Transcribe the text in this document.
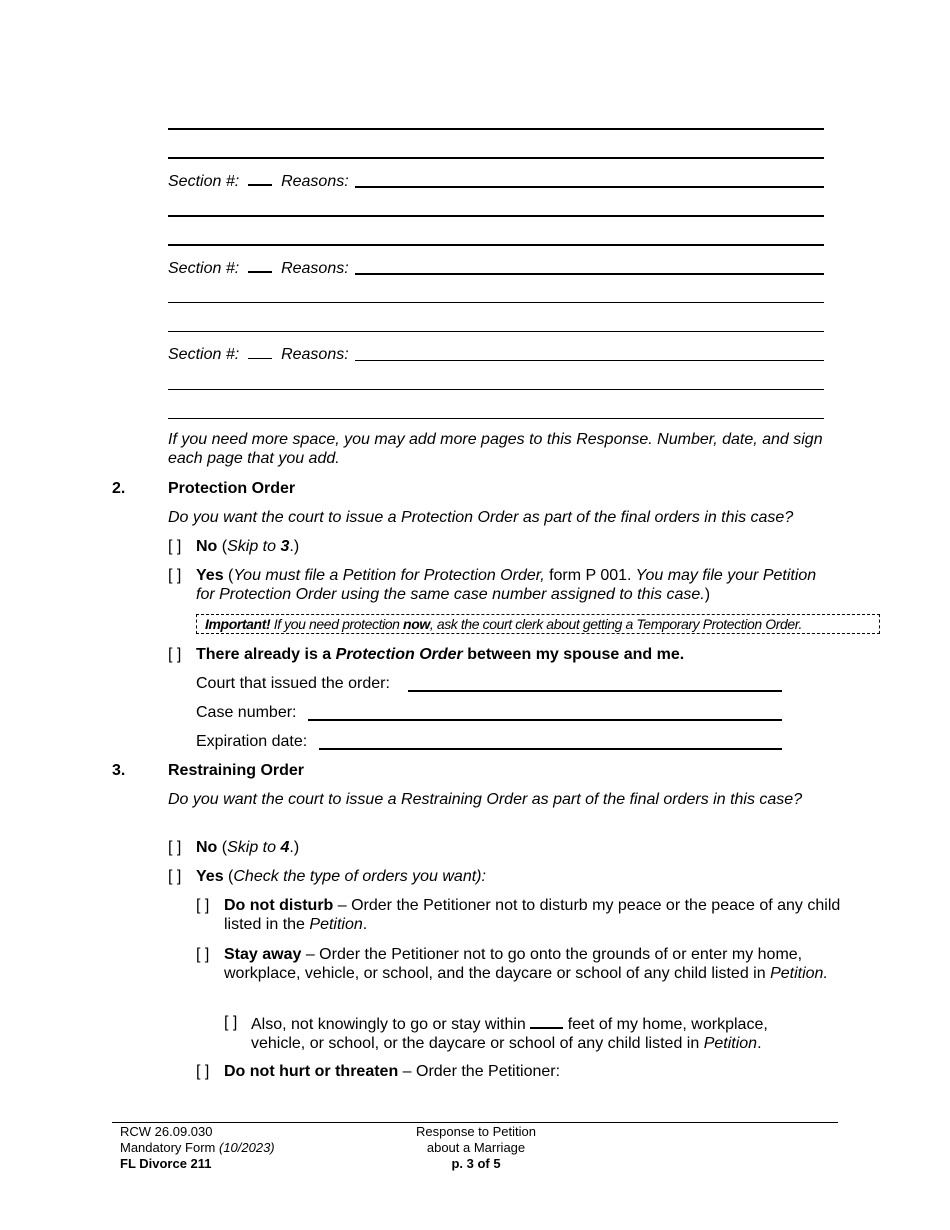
Section #:	Reasons:
Section #:	Reasons:
Section #:	Reasons:
If you need more space, you may add more pages to this Response. Number, date, and sign each page that you add.
2.	Protection Order
Do you want the court to issue a Protection Order as part of the final orders in this case?
[ ] No (Skip to 3.)
[ ] Yes (You must file a Petition for Protection Order, form P 001. You may file your Petition for Protection Order using the same case number assigned to this case.)
Important! If you need protection now, ask the court clerk about getting a Temporary Protection Order.
[ ] There already is a Protection Order between my spouse and me.
Court that issued the order:
Case number:
Expiration date:
3.	Restraining Order
Do you want the court to issue a Restraining Order as part of the final orders in this case?
[ ] No (Skip to 4.)
[ ] Yes (Check the type of orders you want):
[ ] Do not disturb – Order the Petitioner not to disturb my peace or the peace of any child listed in the Petition.
[ ] Stay away – Order the Petitioner not to go onto the grounds of or enter my home, workplace, vehicle, or school, and the daycare or school of any child listed in Petition.
[ ] Also, not knowingly to go or stay within  feet of my home, workplace, vehicle, or school, or the daycare or school of any child listed in Petition.
[ ] Do not hurt or threaten – Order the Petitioner:
RCW 26.09.030
Mandatory Form (10/2023)
FL Divorce 211
Response to Petition
about a Marriage
p. 3 of 5
